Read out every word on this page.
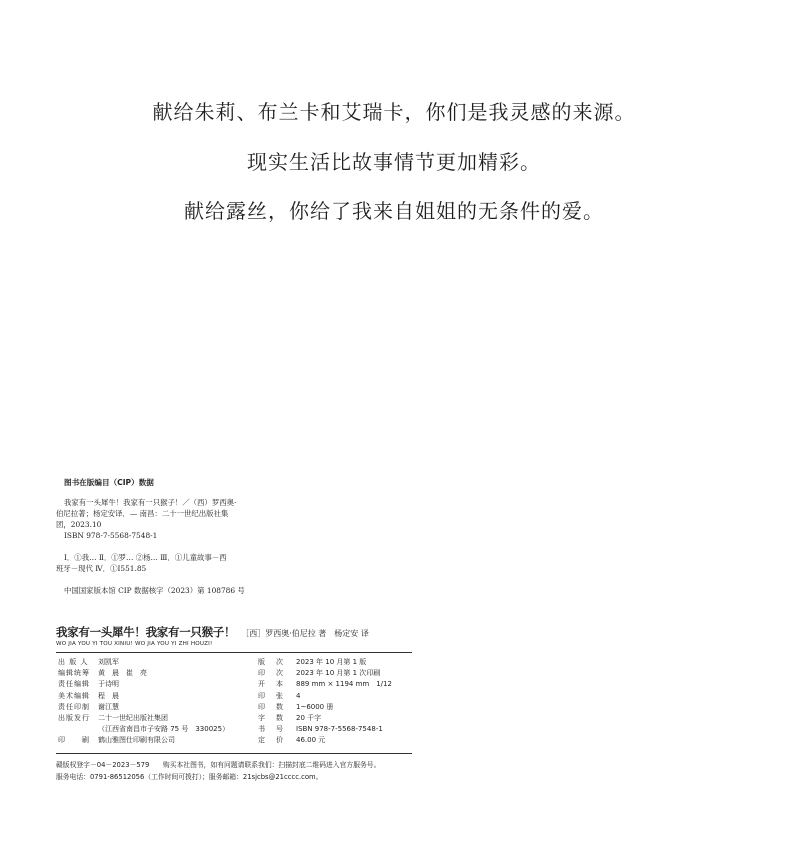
献给朱莉、布兰卡和艾瑞卡，你们是我灵感的来源。
现实生活比故事情节更加精彩。
献给露丝，你给了我来自姐姐的无条件的爱。
图书在版编目（CIP）数据

我家有一头犀牛！我家有一只猴子！／（西）罗西奥·

伯尼拉著；杨定安译．— 南昌：二十一世纪出版社集

团，2023.10

ISBN 978-7-5568-7548-1

Ⅰ．①我… Ⅱ．①罗… ②杨… Ⅲ．①儿童故事－西

班牙－现代 Ⅳ．①I551.85

中国国家版本馆 CIP 数据核字（2023）第 108786 号

我家有一头犀牛！我家有一只猴子！ ［西］罗西奥·伯尼拉 著　杨定安 译
WO JIA YOU YI TOU XINIU! WO JIA YOU YI ZHI HOUZI!
出 版 人	刘凯军
编辑统筹	黄　晨　崔　亮
责任编辑	于诗明
美术编辑	程　晨
责任印制	谢江慧
出版发行	二十一世纪出版社集团
（江西省南昌市子安路 75 号　330025）
印　　刷	鹤山雅图仕印刷有限公司
版　次	2023 年 10 月第 1 版
印　次	2023 年 10 月第 1 次印刷
开　本	889 mm × 1194 mm　1/12
印　张	4
印　数	1~6000 册
字　数	20 千字
书　号	ISBN 978-7-5568-7548-1
定　价	46.00 元

赣版权登字－04－2023－579　　购买本社图书，如有问题请联系我们：扫描封底二维码进入官方服务号。

服务电话：0791-86512056（工作时间可拨打）；服务邮箱：21sjcbs@21cccc.com。
